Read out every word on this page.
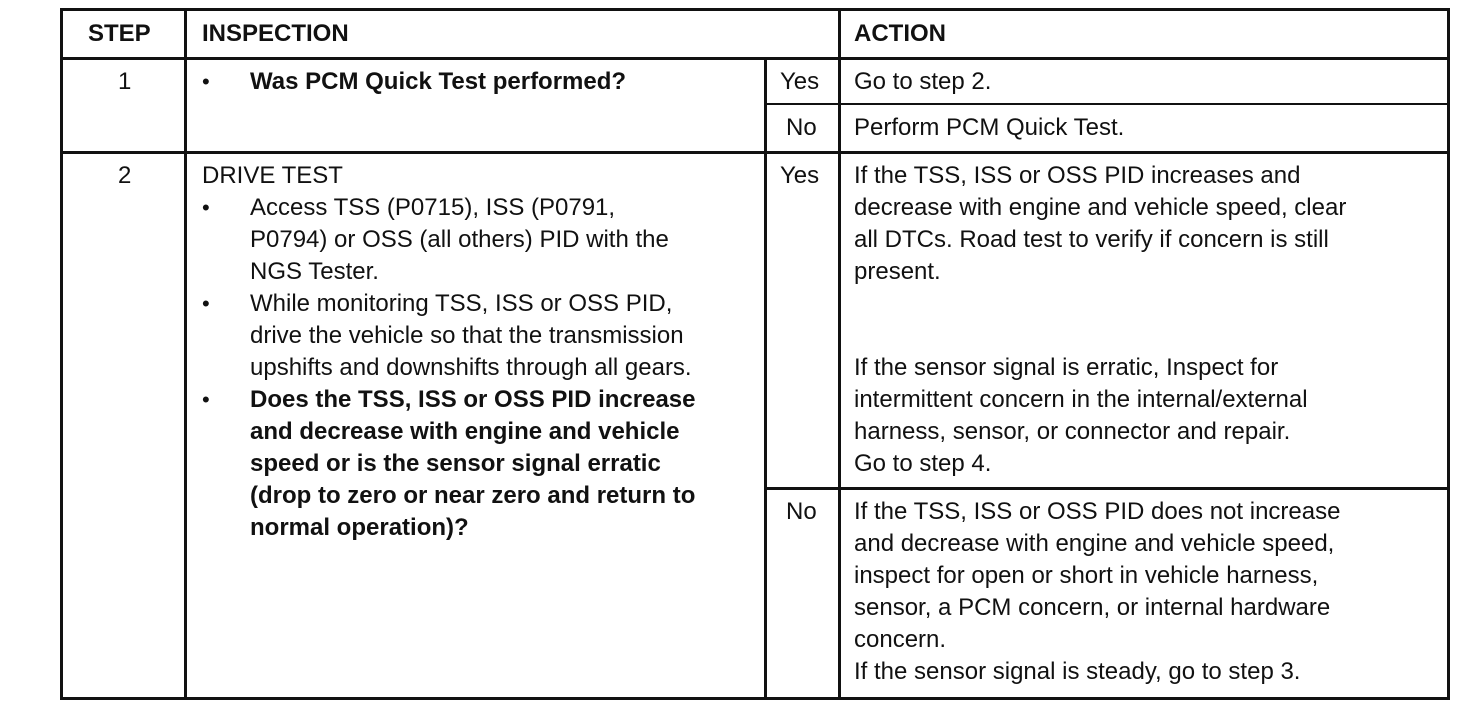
STEP INSPECTION	ACTION
1	• Was PCM Quick Test performed?	Yes Go to step 2.
No Perform PCM Quick Test.
2	DRIVE TEST
• Access TSS (P0715), ISS (P0791,
P0794) or OSS (all others) PID with the
NGS Tester.
• While monitoring TSS, ISS or OSS PID,
drive the vehicle so that the transmission
upshifts and downshifts through all gears.
• Does the TSS, ISS or OSS PID increase
and decrease with engine and vehicle
speed or is the sensor signal erratic
(drop to zero or near zero and return to
normal operation)?
Yes If the TSS, ISS or OSS PID increases and
decrease with engine and vehicle speed, clear
all DTCs. Road test to verify if concern is still
present.
If the sensor signal is erratic, Inspect for
intermittent concern in the internal/external
harness, sensor, or connector and repair.
Go to step 4.
No If the TSS, ISS or OSS PID does not increase
and decrease with engine and vehicle speed,
inspect for open or short in vehicle harness,
sensor, a PCM concern, or internal hardware
concern.
If the sensor signal is steady, go to step 3.
